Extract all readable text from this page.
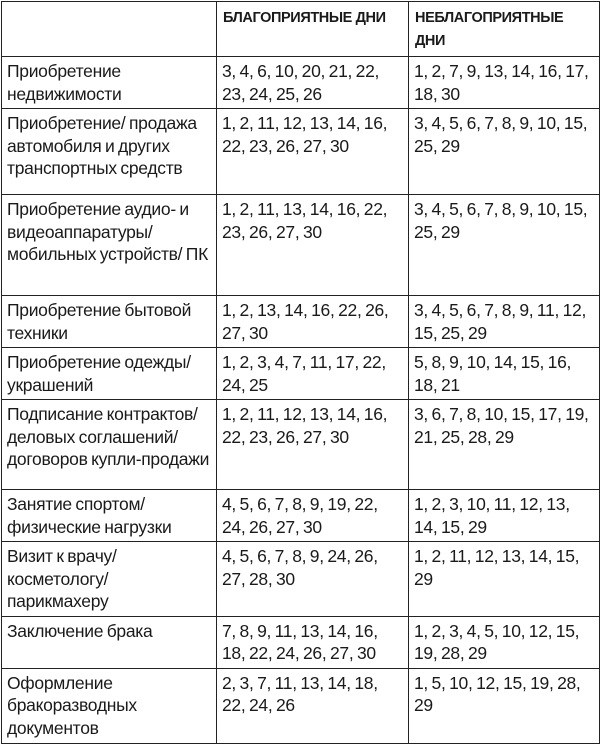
	БЛАГОПРИЯТНЫЕ ДНИ	НЕБЛАГОПРИЯТНЫЕ ДНИ
Приобретение недвижимости	3, 4, 6, 10, 20, 21, 22, 23, 24, 25, 26	1, 2, 7, 9, 13, 14, 16, 17, 18, 30
Приобретение/ продажа автомобиля и других транспортных средств	1, 2, 11, 12, 13, 14, 16, 22, 23, 26, 27, 30	3, 4, 5, 6, 7, 8, 9, 10, 15, 25, 29
Приобретение аудио- и видеоаппаратуры/ мобильных устройств/ ПК	1, 2, 11, 13, 14, 16, 22, 23, 26, 27, 30	3, 4, 5, 6, 7, 8, 9, 10, 15, 25, 29
Приобретение бытовой техники	1, 2, 13, 14, 16, 22, 26, 27, 30	3, 4, 5, 6, 7, 8, 9, 11, 12, 15, 25, 29
Приобретение одежды/украшений	1, 2, 3, 4, 7, 11, 17, 22, 24, 25	5, 8, 9, 10, 14, 15, 16, 18, 21
Подписание контрактов/деловых соглашений/договоров купли-продажи	1, 2, 11, 12, 13, 14, 16, 22, 23, 26, 27, 30	3, 6, 7, 8, 10, 15, 17, 19, 21, 25, 28, 29
Занятие спортом/ физические нагрузки	4, 5, 6, 7, 8, 9, 19, 22, 24, 26, 27, 30	1, 2, 3, 10, 11, 12, 13, 14, 15, 29
Визит к врачу/ косметологу/ парикмахеру	4, 5, 6, 7, 8, 9, 24, 26, 27, 28, 30	1, 2, 11, 12, 13, 14, 15, 29
Заключение брака	7, 8, 9, 11, 13, 14, 16, 18, 22, 24, 26, 27, 30	1, 2, 3, 4, 5, 10, 12, 15, 19, 28, 29
Оформление бракоразводных документов	2, 3, 7, 11, 13, 14, 18, 22, 24, 26	1, 5, 10, 12, 15, 19, 28, 29
